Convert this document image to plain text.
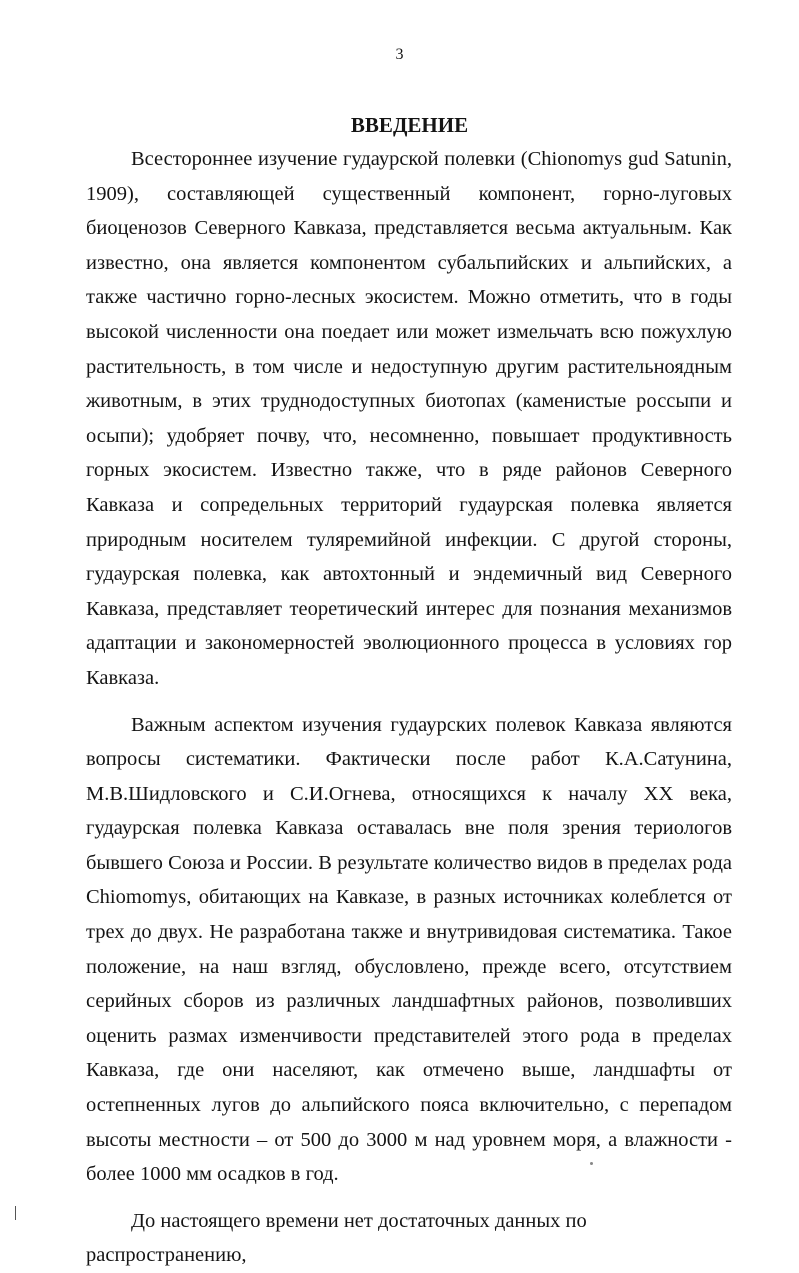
3
ВВЕДЕНИЕ

Всестороннее изучение гудаурской полевки (Chionomys gud Satunin, 1909), составляющей существенный компонент, горно-луговых биоценозов Северного Кавказа, представляется весьма актуальным. Как известно, она является компонентом субальпийских и альпийских, а также частично горно-лесных экосистем. Можно отметить, что в годы высокой численности она поедает или может измельчать всю пожухлую растительность, в том числе и недоступную другим растительноядным животным, в этих труднодоступных биотопах (каменистые россыпи и осыпи); удобряет почву, что, несомненно, повышает продуктивность горных экосистем. Известно также, что в ряде районов Северного Кавказа и сопредельных территорий гудаурская полевка является природным носителем туляремийной инфекции. С другой стороны, гудаурская полевка, как автохтонный и эндемичный вид Северного Кавказа, представляет теоретический интерес для познания механизмов адаптации и закономерностей эволюционного процесса в условиях гор Кавказа.

Важным аспектом изучения гудаурских полевок Кавказа являются вопросы систематики. Фактически после работ К.А.Сатунина, М.В.Шидловского и С.И.Огнева, относящихся к началу XX века, гудаурская полевка Кавказа оставалась вне поля зрения териологов бывшего Союза и России. В результате количество видов в пределах рода Chiomomys, обитающих на Кавказе, в разных источниках колеблется от трех до двух. Не разработана также и внутривидовая систематика. Такое положение, на наш взгляд, обусловлено, прежде всего, отсутствием серийных сборов из различных ландшафтных районов, позволивших оценить размах изменчивости представителей этого рода в пределах Кавказа, где они населяют, как отмечено выше, ландшафты от остепненных лугов до альпийского пояса включительно, с перепадом высоты местности – от 500 до 3000 м над уровнем моря, а влажности - более 1000 мм осадков в год.

До настоящего времени нет достаточных данных по распространению,
